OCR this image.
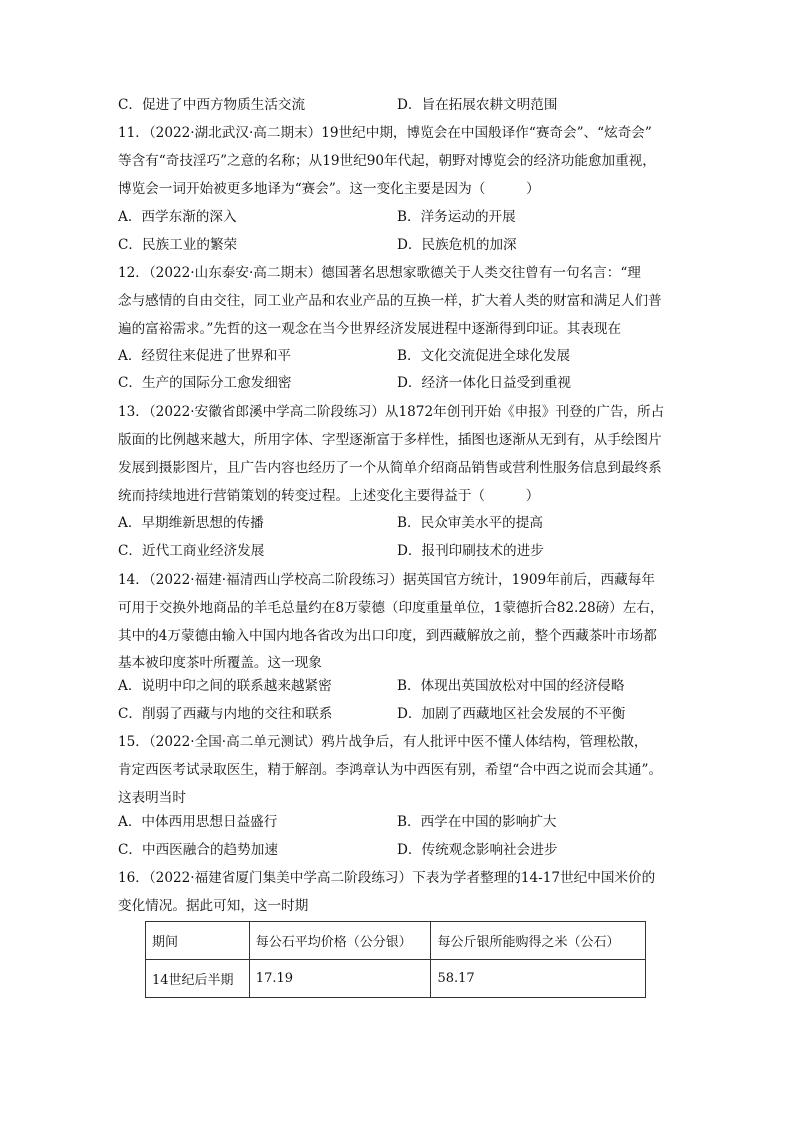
C．促进了中西方物质生活交流	D．旨在拓展农耕文明范围
11．（2022·湖北武汉·高二期末）19世纪中期，博览会在中国般译作“赛奇会”、“炫奇会”
等含有“奇技淫巧”之意的名称；从19世纪90年代起，朝野对博览会的经济功能愈加重视，
博览会一词开始被更多地译为“赛会”。这一变化主要是因为（　　　）
A．西学东渐的深入	B．洋务运动的开展
C．民族工业的繁荣	D．民族危机的加深
12．（2022·山东泰安·高二期末）德国著名思想家歌德关于人类交往曾有一句名言：“理
念与感情的自由交往，同工业产品和农业产品的互换一样，扩大着人类的财富和满足人们普
遍的富裕需求。”先哲的这一观念在当今世界经济发展进程中逐渐得到印证。其表现在
A．经贸往来促进了世界和平	B．文化交流促进全球化发展
C．生产的国际分工愈发细密	D．经济一体化日益受到重视
13．（2022·安徽省郎溪中学高二阶段练习）从1872年创刊开始《申报》刊登的广告，所占
版面的比例越来越大，所用字体、字型逐渐富于多样性，插图也逐渐从无到有，从手绘图片
发展到摄影图片，且广告内容也经历了一个从简单介绍商品销售或营利性服务信息到最终系
统而持续地进行营销策划的转变过程。上述变化主要得益于（　　　）
A．早期维新思想的传播	B．民众审美水平的提高
C．近代工商业经济发展	D．报刊印刷技术的进步
14．（2022·福建·福清西山学校高二阶段练习）据英国官方统计，1909年前后，西藏每年
可用于交换外地商品的羊毛总量约在8万蒙德（印度重量单位，1蒙德折合82.28磅）左右，
其中的4万蒙德由输入中国内地各省改为出口印度，到西藏解放之前，整个西藏茶叶市场都
基本被印度茶叶所覆盖。这一现象
A．说明中印之间的联系越来越紧密	B．体现出英国放松对中国的经济侵略
C．削弱了西藏与内地的交往和联系	D．加剧了西藏地区社会发展的不平衡
15．（2022·全国·高二单元测试）鸦片战争后，有人批评中医不懂人体结构，管理松散，
肯定西医考试录取医生，精于解剖。李鸿章认为中西医有别，希望“合中西之说而会其通”。
这表明当时
A．中体西用思想日益盛行	B．西学在中国的影响扩大
C．中西医融合的趋势加速	D．传统观念影响社会进步
16．（2022·福建省厦门集美中学高二阶段练习）下表为学者整理的14-17世纪中国米价的
变化情况。据此可知，这一时期
期间	每公石平均价格（公分银）	每公斤银所能购得之米（公石）
14世纪后半期	17.19	58.17
